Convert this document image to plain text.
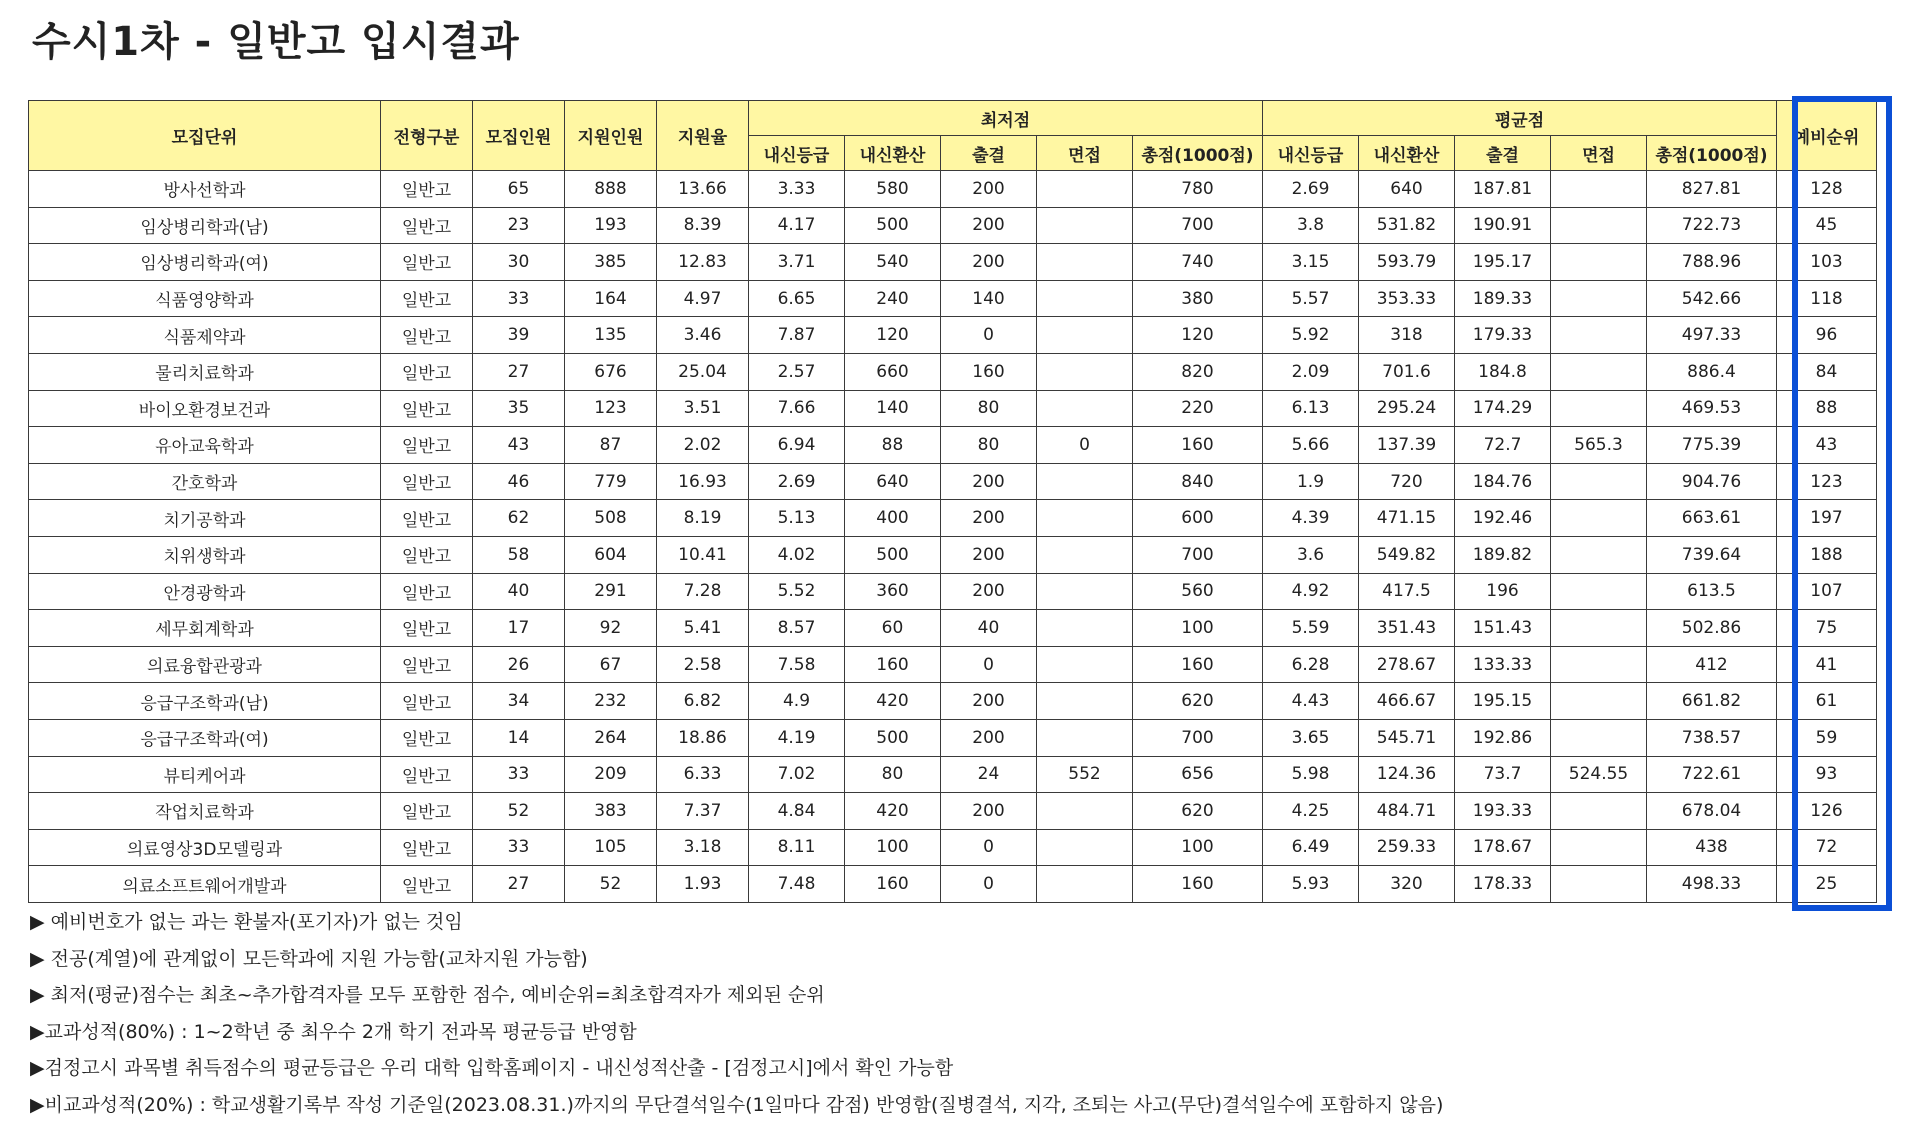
수시1차 - 일반고 입시결과
모집단위	전형구분	모집인원	지원인원	지원율	최저점					평균점					예비순위
					내신등급	내신환산	출결	면접	총점(1000점)	내신등급	내신환산	출결	면접	총점(1000점)	
방사선학과	일반고	65	888	13.66	3.33	580	200		780	2.69	640	187.81		827.81	128
임상병리학과(남)	일반고	23	193	8.39	4.17	500	200		700	3.8	531.82	190.91		722.73	45
임상병리학과(여)	일반고	30	385	12.83	3.71	540	200		740	3.15	593.79	195.17		788.96	103
식품영양학과	일반고	33	164	4.97	6.65	240	140		380	5.57	353.33	189.33		542.66	118
식품제약과	일반고	39	135	3.46	7.87	120	0		120	5.92	318	179.33		497.33	96
물리치료학과	일반고	27	676	25.04	2.57	660	160		820	2.09	701.6	184.8		886.4	84
바이오환경보건과	일반고	35	123	3.51	7.66	140	80		220	6.13	295.24	174.29		469.53	88
유아교육학과	일반고	43	87	2.02	6.94	88	80	0	160	5.66	137.39	72.7	565.3	775.39	43
간호학과	일반고	46	779	16.93	2.69	640	200		840	1.9	720	184.76		904.76	123
치기공학과	일반고	62	508	8.19	5.13	400	200		600	4.39	471.15	192.46		663.61	197
치위생학과	일반고	58	604	10.41	4.02	500	200		700	3.6	549.82	189.82		739.64	188
안경광학과	일반고	40	291	7.28	5.52	360	200		560	4.92	417.5	196		613.5	107
세무회계학과	일반고	17	92	5.41	8.57	60	40		100	5.59	351.43	151.43		502.86	75
의료융합관광과	일반고	26	67	2.58	7.58	160	0		160	6.28	278.67	133.33		412	41
응급구조학과(남)	일반고	34	232	6.82	4.9	420	200		620	4.43	466.67	195.15		661.82	61
응급구조학과(여)	일반고	14	264	18.86	4.19	500	200		700	3.65	545.71	192.86		738.57	59
뷰티케어과	일반고	33	209	6.33	7.02	80	24	552	656	5.98	124.36	73.7	524.55	722.61	93
작업치료학과	일반고	52	383	7.37	4.84	420	200		620	4.25	484.71	193.33		678.04	126
의료영상3D모델링과	일반고	33	105	3.18	8.11	100	0		100	6.49	259.33	178.67		438	72
의료소프트웨어개발과	일반고	27	52	1.93	7.48	160	0		160	5.93	320	178.33		498.33	25
▶ 예비번호가 없는 과는 환불자(포기자)가 없는 것임
▶ 전공(계열)에 관계없이 모든학과에 지원 가능함(교차지원 가능함)
▶ 최저(평균)점수는 최초~추가합격자를 모두 포함한 점수, 예비순위=최초합격자가 제외된 순위
▶교과성적(80%) : 1~2학년 중 최우수 2개 학기 전과목 평균등급 반영함
▶검정고시 과목별 취득점수의 평균등급은 우리 대학 입학홈페이지 - 내신성적산출 - [검정고시]에서 확인 가능함
▶비교과성적(20%) : 학교생활기록부 작성 기준일(2023.08.31.)까지의 무단결석일수(1일마다 감점) 반영함(질병결석, 지각, 조퇴는 사고(무단)결석일수에 포함하지 않음)
